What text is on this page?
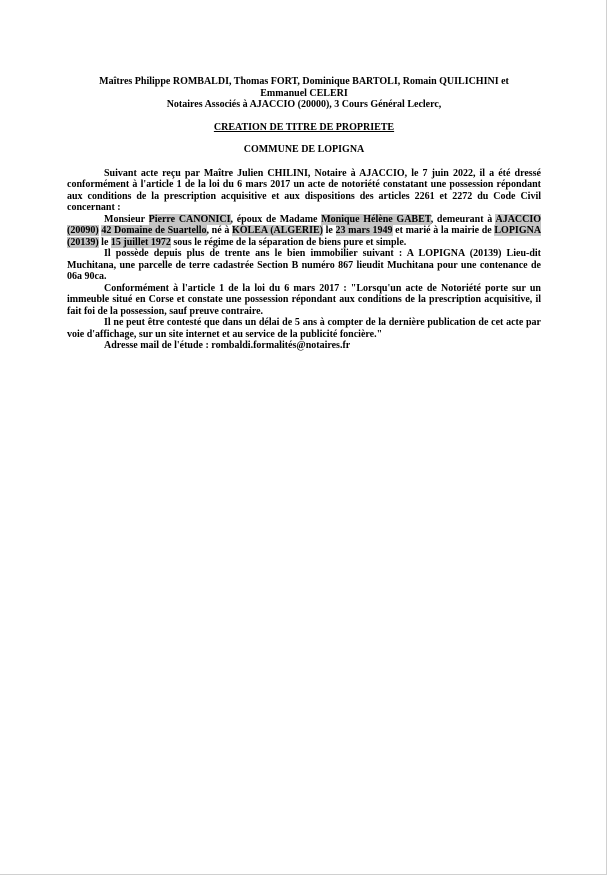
Maîtres Philippe ROMBALDI, Thomas FORT, Dominique BARTOLI, Romain QUILICHINI et Emmanuel CELERI
Notaires Associés à AJACCIO (20000), 3 Cours Général Leclerc,
CREATION DE TITRE DE PROPRIETE
COMMUNE DE LOPIGNA

Suivant acte reçu par Maître Julien CHILINI, Notaire à AJACCIO, le 7 juin 2022, il a été dressé conformément à l'article 1 de la loi du 6 mars 2017 un acte de notoriété constatant une possession répondant aux conditions de la prescription acquisitive et aux dispositions des articles 2261 et 2272 du Code Civil concernant :

Monsieur Pierre CANONICI, époux de Madame Monique Hélène GABET, demeurant à AJACCIO (20090) 42 Domaine de Suartello, né à KOLEA (ALGERIE) le 23 mars 1949 et marié à la mairie de LOPIGNA (20139) le 15 juillet 1972 sous le régime de la séparation de biens pure et simple.

Il possède depuis plus de trente ans le bien immobilier suivant : A LOPIGNA (20139) Lieu-dit Muchitana, une parcelle de terre cadastrée Section B numéro 867 lieudit Muchitana pour une contenance de 06a 90ca.

Conformément à l'article 1 de la loi du 6 mars 2017 : "Lorsqu'un acte de Notoriété porte sur un immeuble situé en Corse et constate une possession répondant aux conditions de la prescription acquisitive, il fait foi de la possession, sauf preuve contraire.

Il ne peut être contesté que dans un délai de 5 ans à compter de la dernière publication de cet acte par voie d'affichage, sur un site internet et au service de la publicité foncière."

Adresse mail de l'étude : rombaldi.formalités@notaires.fr
